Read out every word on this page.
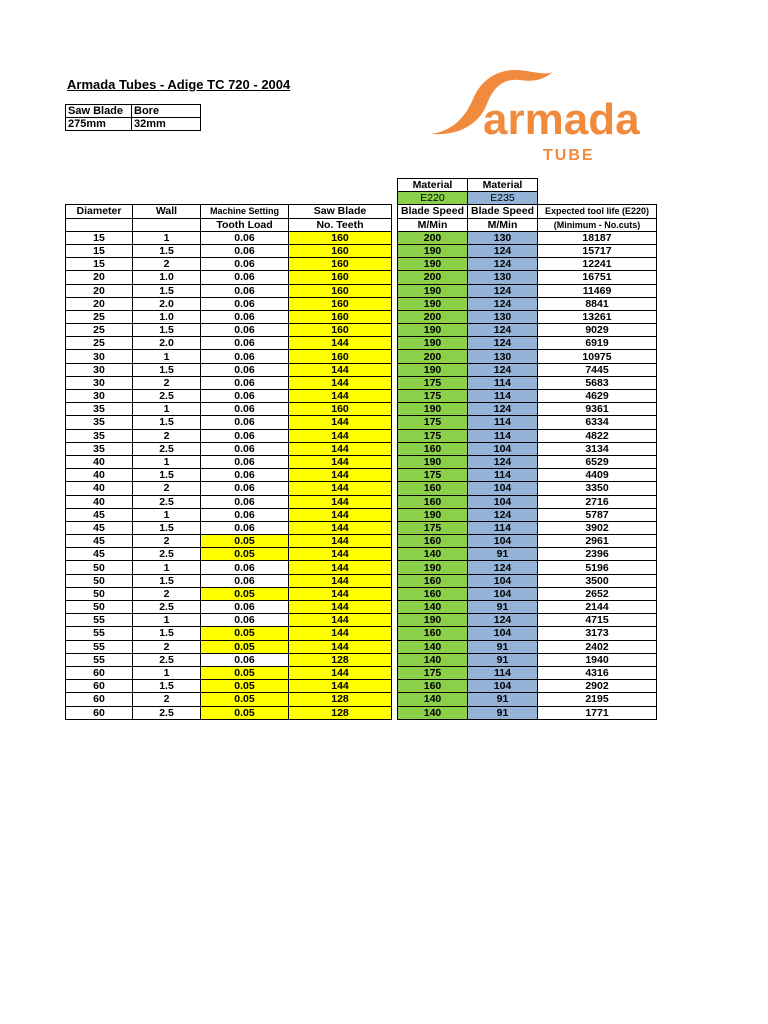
Armada Tubes - Adige TC 720 - 2004
Saw Blade	Bore
275mm	32mm	armada
TUBE
					Material	Material	
					E220	E235	
Diameter	Wall	Machine Setting	Saw Blade		Blade Speed	Blade Speed	Expected tool life (E220)
		Tooth Load	No. Teeth		M/Min	M/Min	(Minimum - No.cuts)
15	1	0.06	160		200	130	18187
15	1.5	0.06	160		190	124	15717
15	2	0.06	160		190	124	12241
20	1.0	0.06	160		200	130	16751
20	1.5	0.06	160		190	124	11469
20	2.0	0.06	160		190	124	8841
25	1.0	0.06	160		200	130	13261
25	1.5	0.06	160		190	124	9029
25	2.0	0.06	144		190	124	6919
30	1	0.06	160		200	130	10975
30	1.5	0.06	144		190	124	7445
30	2	0.06	144		175	114	5683
30	2.5	0.06	144		175	114	4629
35	1	0.06	160		190	124	9361
35	1.5	0.06	144		175	114	6334
35	2	0.06	144		175	114	4822
35	2.5	0.06	144		160	104	3134
40	1	0.06	144		190	124	6529
40	1.5	0.06	144		175	114	4409
40	2	0.06	144		160	104	3350
40	2.5	0.06	144		160	104	2716
45	1	0.06	144		190	124	5787
45	1.5	0.06	144		175	114	3902
45	2	0.05	144		160	104	2961
45	2.5	0.05	144		140	91	2396
50	1	0.06	144		190	124	5196
50	1.5	0.06	144		160	104	3500
50	2	0.05	144		160	104	2652
50	2.5	0.06	144		140	91	2144
55	1	0.06	144		190	124	4715
55	1.5	0.05	144		160	104	3173
55	2	0.05	144		140	91	2402
55	2.5	0.06	128		140	91	1940
60	1	0.05	144		175	114	4316
60	1.5	0.05	144		160	104	2902
60	2	0.05	128		140	91	2195
60	2.5	0.05	128		140	91	1771
